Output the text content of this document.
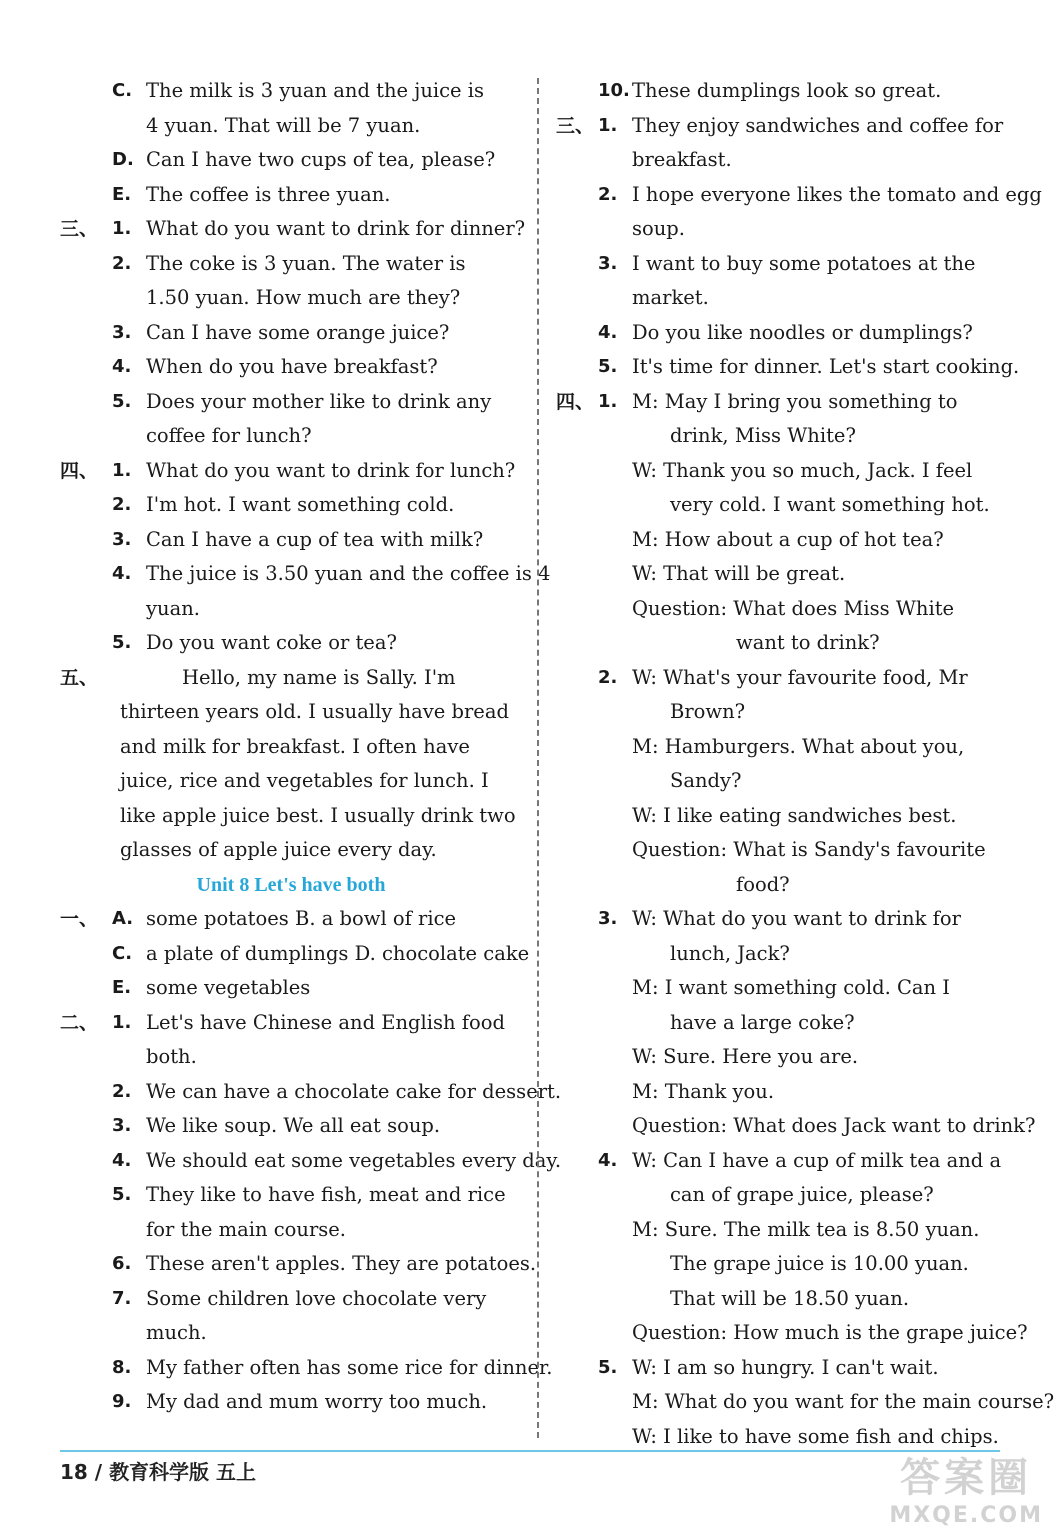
C. The milk is 3 yuan and the juice is
4 yuan. That will be 7 yuan.
D. Can I have two cups of tea, please?
E. The coffee is three yuan.
三、 1. What do you want to drink for dinner?
2. The coke is 3 yuan. The water is
1.50 yuan. How much are they?
3. Can I have some orange juice?
4. When do you have breakfast?
5. Does your mother like to drink any
coffee for lunch?
四、 1. What do you want to drink for lunch?
2. I'm hot. I want something cold.
3. Can I have a cup of tea with milk?
4. The juice is 3.50 yuan and the coffee is 4
yuan.
5. Do you want coke or tea?
五、	Hello, my name is Sally. I'm
thirteen years old. I usually have bread
and milk for breakfast. I often have
juice, rice and vegetables for lunch. I
like apple juice best. I usually drink two
glasses of apple juice every day.
Unit 8 Let's have both
一、 A. some potatoes B. a bowl of rice
C. a plate of dumplings D. chocolate cake
E. some vegetables
二、 1. Let's have Chinese and English food
both.
2. We can have a chocolate cake for dessert.
3. We like soup. We all eat soup.
4. We should eat some vegetables every day.
5. They like to have fish, meat and rice
for the main course.
6. These aren't apples. They are potatoes.
7. Some children love chocolate very
much.
8. My father often has some rice for dinner.
9. My dad and mum worry too much.
10. These dumplings look so great.
三、 1. They enjoy sandwiches and coffee for
breakfast.
2. I hope everyone likes the tomato and egg
soup.
3. I want to buy some potatoes at the
market.
4. Do you like noodles or dumplings?
5. It's time for dinner. Let's start cooking.
四、 1. M: May I bring you something to
drink, Miss White?
W: Thank you so much, Jack. I feel
very cold. I want something hot.
M: How about a cup of hot tea?
W: That will be great.
Question: What does Miss White
want to drink?
2. W: What's your favourite food, Mr
Brown?
M: Hamburgers. What about you,
Sandy?
W: I like eating sandwiches best.
Question: What is Sandy's favourite
food?
3. W: What do you want to drink for
lunch, Jack?
M: I want something cold. Can I
have a large coke?
W: Sure. Here you are.
M: Thank you.
Question: What does Jack want to drink?
4. W: Can I have a cup of milk tea and a
can of grape juice, please?
M: Sure. The milk tea is 8.50 yuan.
The grape juice is 10.00 yuan.
That will be 18.50 yuan.
Question: How much is the grape juice?
5. W: I am so hungry. I can't wait.
M: What do you want for the main course?
W: I like to have some fish and chips.
18 / 教育科学版 五上	答案圈
MXQE.COM
